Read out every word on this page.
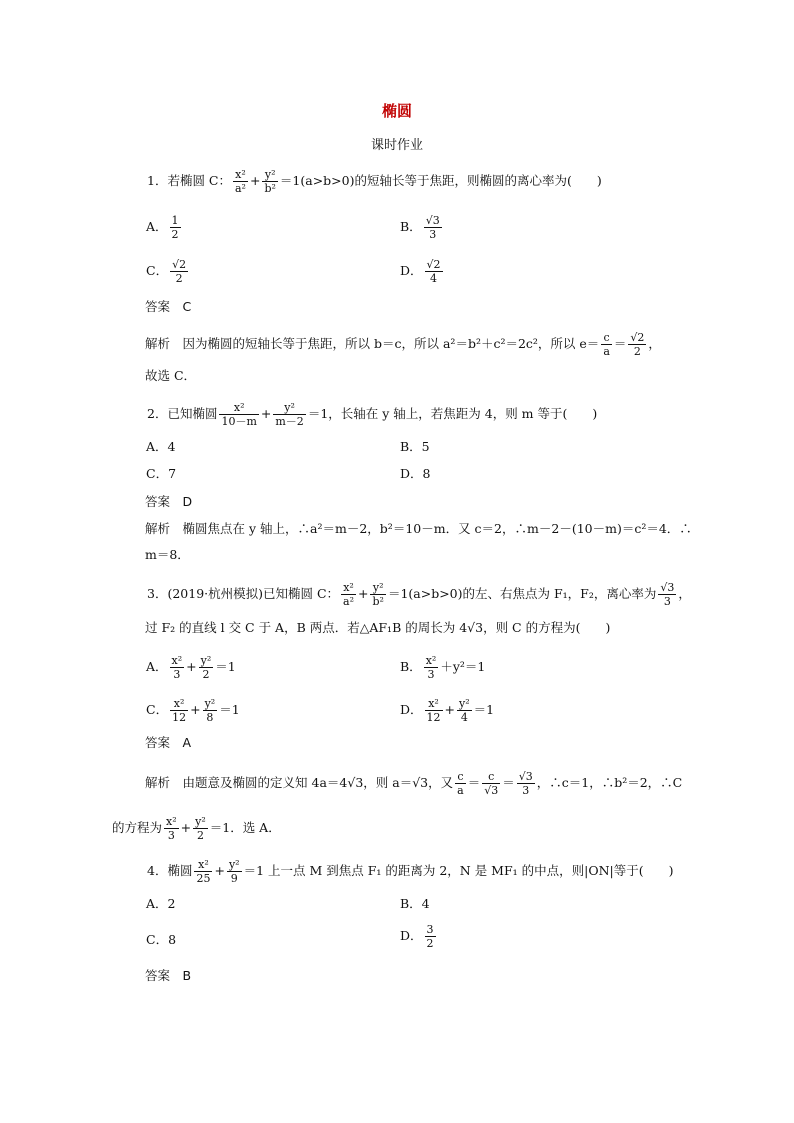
椭圆
课时作业
1．若椭圆 C： $\frac{\text{x²}}{\text{a²}} + \frac{\text{y²}}{\text{b²}} =1(a>b>0)$的短轴长等于焦距，则椭圆的离心率为(　　)
A． $\frac{1}{2}$	B． $\frac{√3}{3}$
C． $\frac{√2}{2}$	D． $\frac{√2}{4}$
答案　 C
解析　 因为椭圆的短轴长等于焦距，所以 b＝c，所以 a²＝b²＋c²＝2c²，所以 $e= \frac{c}{a} = \frac{√2}{2}$ ，
故选 C．
2．已知椭圆 $\frac{\text{x²}}{10-m} + \frac{\text{y²}}{m-2} =1$，长轴在 y 轴上，若焦距为 4，则 m 等于(　　)
A．4	B．5
C．7	D．8
答案　 D
解析　 椭圆焦点在 y 轴上，∴a²＝m－2，b²＝10－m．又 c＝2，∴m－2－(10－m)＝c²＝4．∴
m＝8．
3．(2019·杭州模拟)已知椭圆 C： $\frac{\text{x²}}{\text{a²}} + \frac{\text{y²}}{\text{b²}} =1(a>b>0)$的左、右焦点为 F₁，F₂，离心率为 $\frac{√3}{3}$ ，
过 F₂ 的直线 l 交 C 于 A，B 两点．若△AF₁B 的周长为 4√3，则 C 的方程为(　　)
A． $\frac{\text{x²}}{3} + \frac{\text{y²}}{2} =1$	B． $\frac{\text{x²}}{3} +y^2=1$
C． $\frac{\text{x²}}{12} + \frac{\text{y²}}{8} =1$	D． $\frac{\text{x²}}{12} + \frac{\text{y²}}{4} =1$
答案　 A
解析　 由题意及椭圆的定义知 4a＝4√3，则 a＝√3，又 $\frac{c}{a} = \frac{c}{√3} = \frac{√3}{3}$ ，∴c＝1，∴b²＝2，∴C
的方程为 $\frac{\text{x²}}{3} + \frac{\text{y²}}{2} =1$．选 A．
4．椭圆 $\frac{\text{x²}}{25} + \frac{\text{y²}}{9} =1$ 上一点 M 到焦点 F₁ 的距离为 2，N 是 MF₁ 的中点，则|ON|等于(　　)
A．2	B．4
C．8	D． $\frac{3}{2}$
答案　 B
